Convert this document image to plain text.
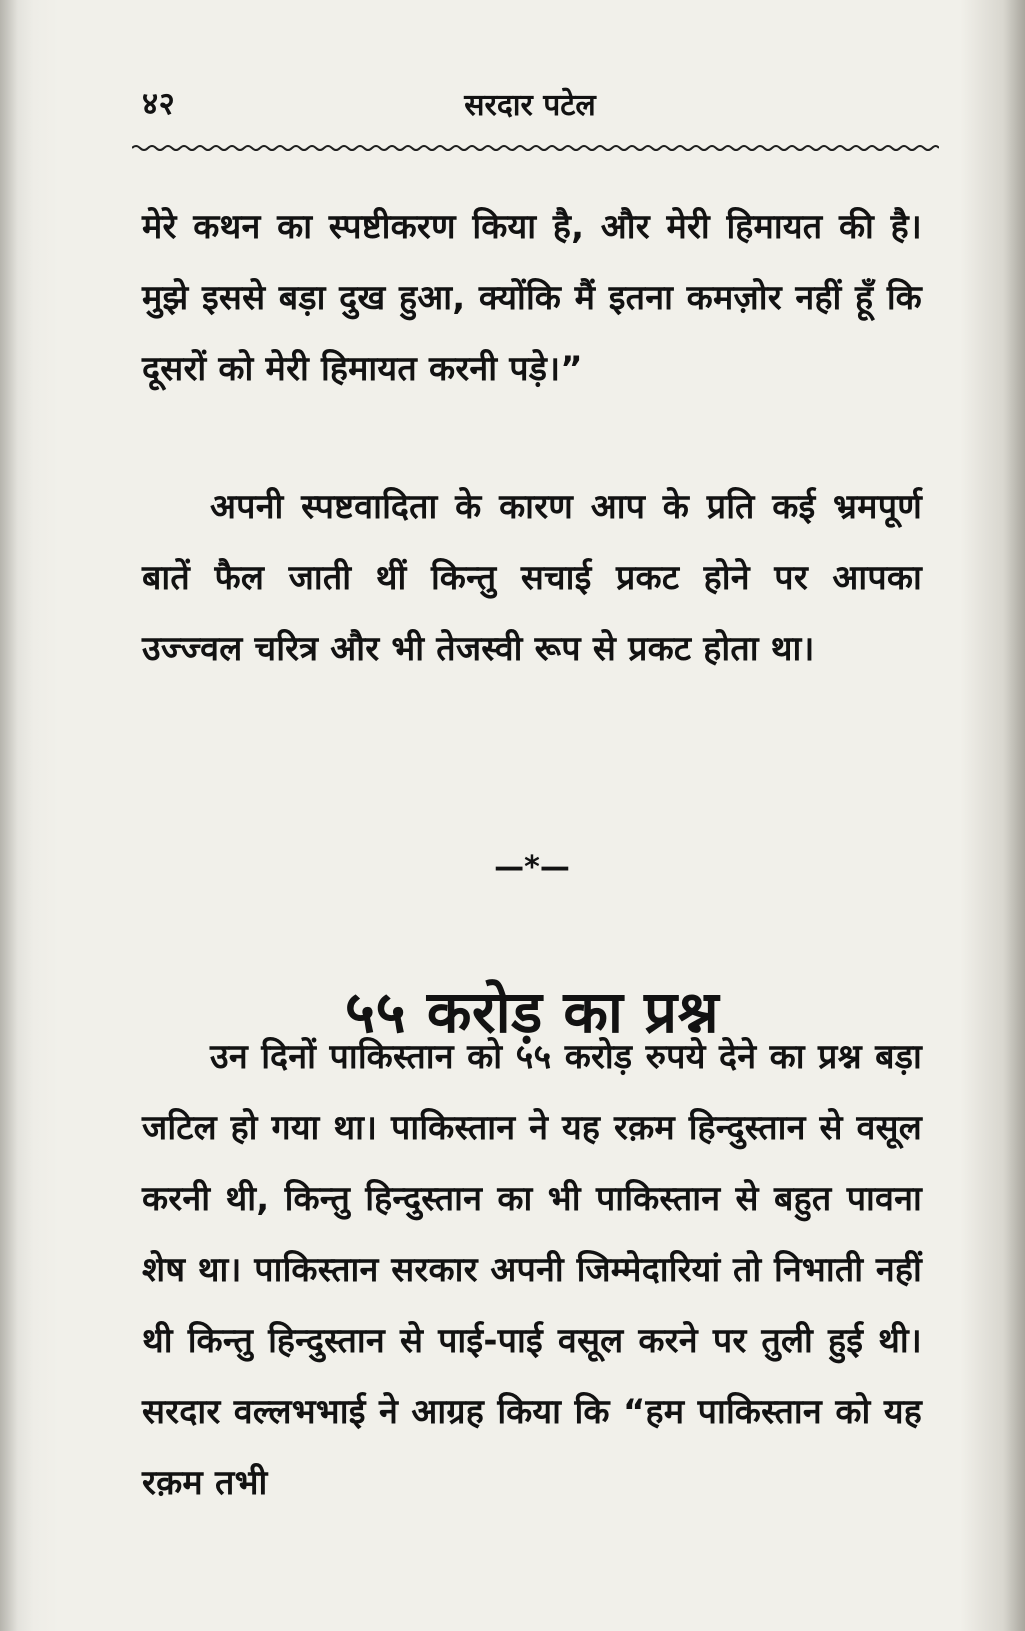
४२	सरदार पटेल

मेरे कथन का स्पष्टीकरण किया है, और मेरी हिमायत की है। मुझे इससे बड़ा दुख हुआ, क्योंकि मैं इतना कमज़ोर नहीं हूँ कि दूसरों को मेरी हिमायत करनी पड़े।”

अपनी स्पष्टवादिता के कारण आप के प्रति कई भ्रमपूर्ण बातें फैल जाती थीं किन्तु सचाई प्रकट होने पर आपका उज्ज्वल चरित्र और भी तेजस्वी रूप से प्रकट होता था।

—*—
५५ करोड़ का प्रश्न

उन दिनों पाकिस्तान को ५५ करोड़ रुपये देने का प्रश्न बड़ा जटिल हो गया था। पाकिस्तान ने यह रक़म हिन्दुस्तान से वसूल करनी थी, किन्तु हिन्दुस्तान का भी पाकिस्तान से बहुत पावना शेष था। पाकिस्तान सरकार अपनी जिम्मेदारियां तो निभाती नहीं थी किन्तु हिन्दुस्तान से पाई-पाई वसूल करने पर तुली हुई थी। सरदार वल्लभभाई ने आग्रह किया कि “हम पाकिस्तान को यह रक़म तभी
